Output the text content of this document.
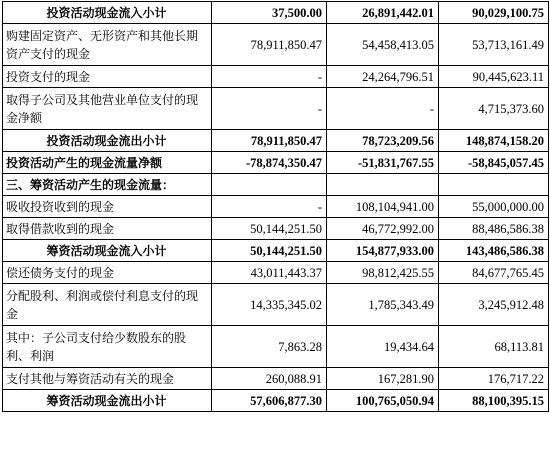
投资活动现金流入小计	37,500.00	26,891,442.01	90,029,100.75
购建固定资产、无形资产和其他长期资产支付的现金	78,911,850.47	54,458,413.05	53,713,161.49
投资支付的现金	-	24,264,796.51	90,445,623.11
取得子公司及其他营业单位支付的现金净额	-	-	4,715,373.60
投资活动现金流出小计	78,911,850.47	78,723,209.56	148,874,158.20
投资活动产生的现金流量净额	-78,874,350.47	-51,831,767.55	-58,845,057.45
三、筹资活动产生的现金流量：			
吸收投资收到的现金	-	108,104,941.00	55,000,000.00
取得借款收到的现金	50,144,251.50	46,772,992.00	88,486,586.38
筹资活动现金流入小计	50,144,251.50	154,877,933.00	143,486,586.38
偿还债务支付的现金	43,011,443.37	98,812,425.55	84,677,765.45
分配股利、利润或偿付利息支付的现金	14,335,345.02	1,785,343.49	3,245,912.48
其中：子公司支付给少数股东的股利、利润	7,863.28	19,434.64	68,113.81
支付其他与筹资活动有关的现金	260,088.91	167,281.90	176,717.22
筹资活动现金流出小计	57,606,877.30	100,765,050.94	88,100,395.15
